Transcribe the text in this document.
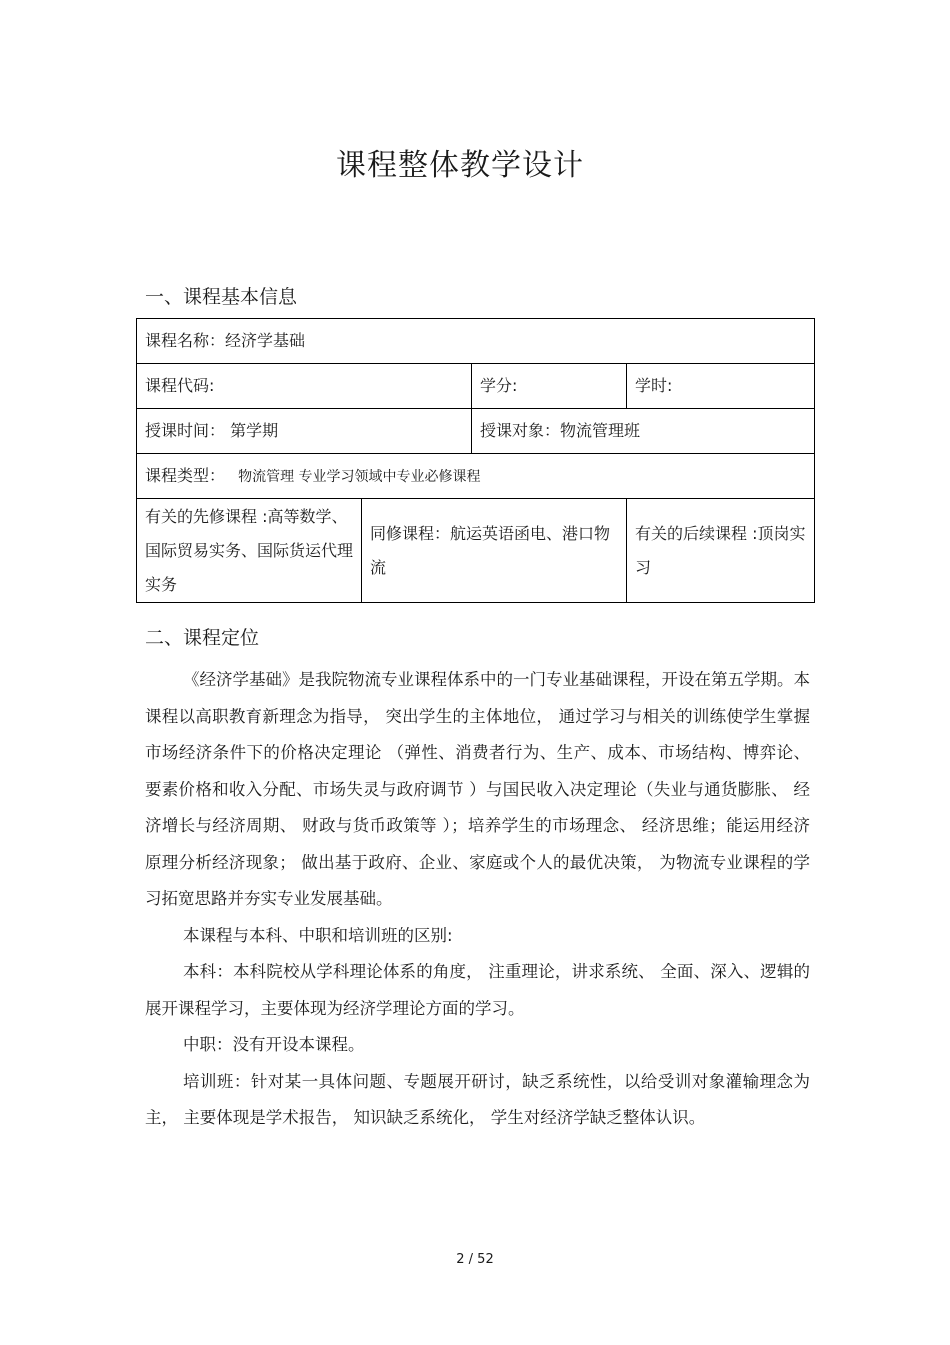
课程整体教学设计
一、课程基本信息
课程名称：经济学基础			
课程代码:		学分:	学时:
授课时间： 第学期		授课对象：物流管理班	
课程类型： 物流管理 专业学习领域中专业必修课程			

有关的先修课程 :高等数学、国际贸易实务、国际货运代理实务	同修课程：航运英语函电、港口物流		有关的后续课程 :顶岗实习
二、课程定位

《经济学基础》是我院物流专业课程体系中的一门专业基础课程，开设在第五学期。本课程以高职教育新理念为指导， 突出学生的主体地位， 通过学习与相关的训练使学生掌握市场经济条件下的价格决定理论 （弹性、消费者行为、生产、成本、市场结构、博弈论、要素价格和收入分配、市场失灵与政府调节 ）与国民收入决定理论（失业与通货膨胀、 经济增长与经济周期、 财政与货币政策等 ）；培养学生的市场理念、 经济思维；能运用经济原理分析经济现象； 做出基于政府、企业、家庭或个人的最优决策， 为物流专业课程的学习拓宽思路并夯实专业发展基础。

本课程与本科、中职和培训班的区别:

本科：本科院校从学科理论体系的角度， 注重理论，讲求系统、 全面、深入、逻辑的展开课程学习，主要体现为经济学理论方面的学习。

中职：没有开设本课程。

培训班：针对某一具体问题、专题展开研讨，缺乏系统性，以给受训对象灌输理念为主， 主要体现是学术报告， 知识缺乏系统化， 学生对经济学缺乏整体认识。

2 / 52
